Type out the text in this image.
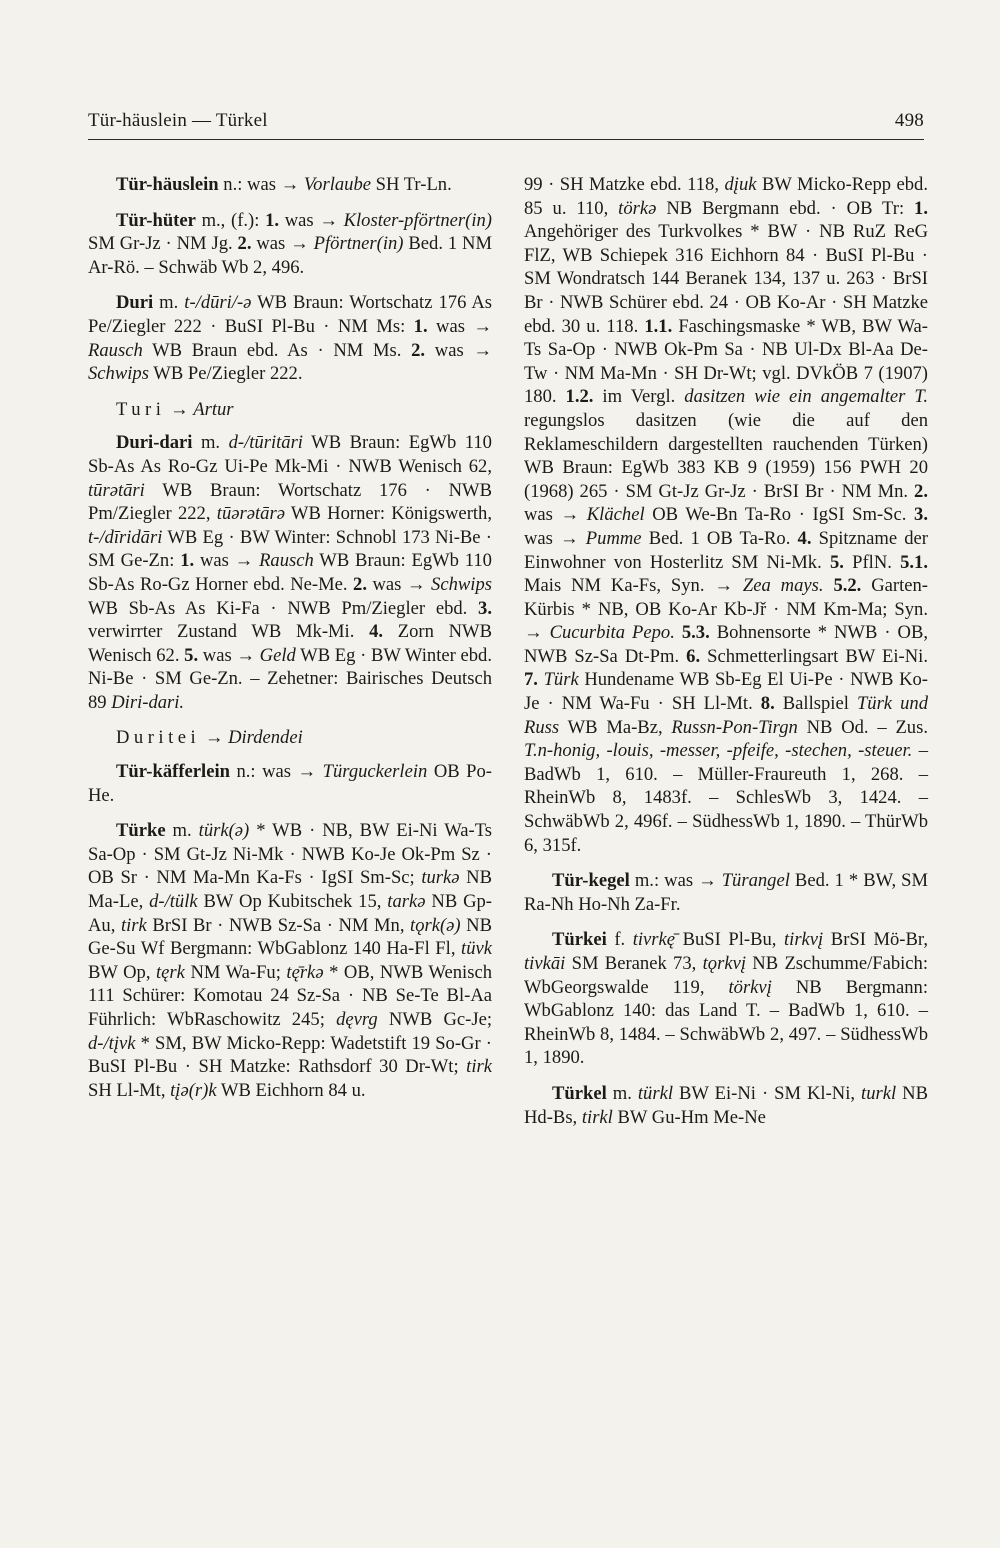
Tür-häuslein — Türkel	498

Tür-häuslein n.: was → Vorlaube SH Tr-Ln.

Tür-hüter m., (f.): 1. was → Kloster-pförtner(in) SM Gr-Jz · NM Jg. 2. was → Pförtner(in) Bed. 1 NM Ar-Rö. – Schwäb Wb 2, 496.

Duri m. t-/dūri/-ə WB Braun: Wortschatz 176 As Pe/Ziegler 222 · BuSI Pl-Bu · NM Ms: 1. was → Rausch WB Braun ebd. As · NM Ms. 2. was → Schwips WB Pe/Ziegler 222.

Turi → Artur

Duri-dari m. d-/tūritāri WB Braun: EgWb 110 Sb-As As Ro-Gz Ui-Pe Mk-Mi · NWB Wenisch 62, tūrətāri WB Braun: Wortschatz 176 · NWB Pm/Ziegler 222, tūərətārə WB Horner: Königswerth, t-/dīridāri WB Eg · BW Winter: Schnobl 173 Ni-Be · SM Ge-Zn: 1. was → Rausch WB Braun: EgWb 110 Sb-As Ro-Gz Horner ebd. Ne-Me. 2. was → Schwips WB Sb-As As Ki-Fa · NWB Pm/Ziegler ebd. 3. verwirrter Zustand WB Mk-Mi. 4. Zorn NWB Wenisch 62. 5. was → Geld WB Eg · BW Winter ebd. Ni-Be · SM Ge-Zn. – Zehetner: Bairisches Deutsch 89 Diri-dari.

Duritei → Dirdendei

Tür-käfferlein n.: was → Türguckerlein OB Po-He.

Türke m. türk(ə) * WB · NB, BW Ei-Ni Wa-Ts Sa-Op · SM Gt-Jz Ni-Mk · NWB Ko-Je Ok-Pm Sz · OB Sr · NM Ma-Mn Ka-Fs · IgSI Sm-Sc; turkə NB Ma-Le, d-/tülk BW Op Kubitschek 15, tarkə NB Gp-Au, tirk BrSI Br · NWB Sz-Sa · NM Mn, tǫrk(ə) NB Ge-Su Wf Bergmann: WbGablonz 140 Ha-Fl Fl, tüvk BW Op, tęrk NM Wa-Fu; tę̄rkə * OB, NWB Wenisch 111 Schürer: Komotau 24 Sz-Sa · NB Se-Te Bl-Aa Führlich: WbRaschowitz 245; dęvrg NWB Gc-Je; d-/tįvk * SM, BW Micko-Repp: Wadetstift 19 So-Gr · BuSI Pl-Bu · SH Matzke: Rathsdorf 30 Dr-Wt; tirk SH Ll-Mt, tįə(r)k WB Eichhorn 84 u.

99 · SH Matzke ebd. 118, dįuk BW Micko-Repp ebd. 85 u. 110, törkə NB Bergmann ebd. · OB Tr: 1. Angehöriger des Turkvolkes * BW · NB RuZ ReG FlZ, WB Schiepek 316 Eichhorn 84 · BuSI Pl-Bu · SM Wondratsch 144 Beranek 134, 137 u. 263 · BrSI Br · NWB Schürer ebd. 24 · OB Ko-Ar · SH Matzke ebd. 30 u. 118. 1.1. Faschingsmaske * WB, BW Wa-Ts Sa-Op · NWB Ok-Pm Sa · NB Ul-Dx Bl-Aa De-Tw · NM Ma-Mn · SH Dr-Wt; vgl. DVkÖB 7 (1907) 180. 1.2. im Vergl. dasitzen wie ein angemalter T. regungslos dasitzen (wie die auf den Reklameschildern dargestellten rauchenden Türken) WB Braun: EgWb 383 KB 9 (1959) 156 PWH 20 (1968) 265 · SM Gt-Jz Gr-Jz · BrSI Br · NM Mn. 2. was → Klächel OB We-Bn Ta-Ro · IgSI Sm-Sc. 3. was → Pumme Bed. 1 OB Ta-Ro. 4. Spitzname der Einwohner von Hosterlitz SM Ni-Mk. 5. PflN. 5.1. Mais NM Ka-Fs, Syn. → Zea mays. 5.2. Garten-Kürbis * NB, OB Ko-Ar Kb-Jř · NM Km-Ma; Syn. → Cucurbita Pepo. 5.3. Bohnensorte * NWB · OB, NWB Sz-Sa Dt-Pm. 6. Schmetterlingsart BW Ei-Ni. 7. Türk Hundename WB Sb-Eg El Ui-Pe · NWB Ko-Je · NM Wa-Fu · SH Ll-Mt. 8. Ballspiel Türk und Russ WB Ma-Bz, Russn-Pon-Tirgn NB Od. – Zus. T.n-honig, -louis, -messer, -pfeife, -stechen, -steuer. – BadWb 1, 610. – Müller-Fraureuth 1, 268. – RheinWb 8, 1483f. – SchlesWb 3, 1424. – SchwäbWb 2, 496f. – SüdhessWb 1, 1890. – ThürWb 6, 315f.

Tür-kegel m.: was → Türangel Bed. 1 * BW, SM Ra-Nh Ho-Nh Za-Fr.

Türkei f. tivrkę̄ BuSI Pl-Bu, tirkvį BrSI Mö-Br, tivkāi SM Beranek 73, tǫrkvį NB Zschumme/Fabich: WbGeorgswalde 119, törkvį NB Bergmann: WbGablonz 140: das Land T. – BadWb 1, 610. – RheinWb 8, 1484. – SchwäbWb 2, 497. – SüdhessWb 1, 1890.

Türkel m. türkl BW Ei-Ni · SM Kl-Ni, turkl NB Hd-Bs, tirkl BW Gu-Hm Me-Ne
